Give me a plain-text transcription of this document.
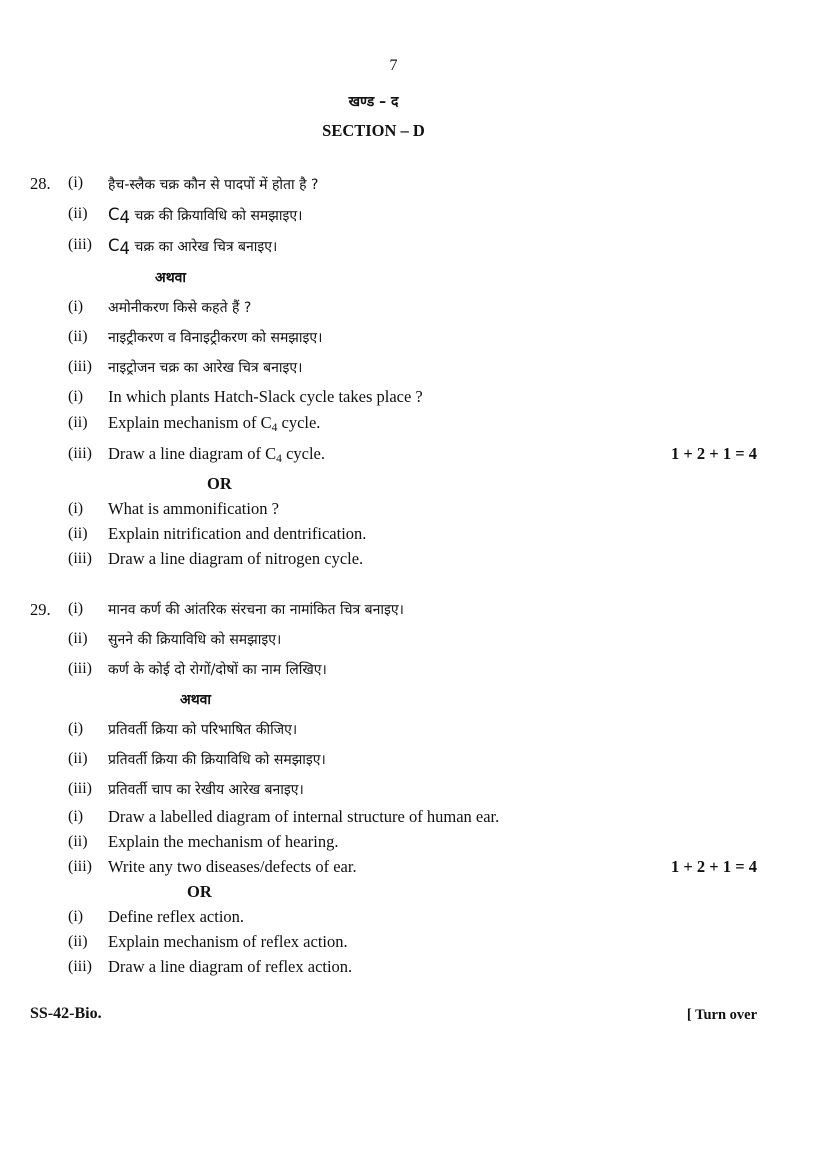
7
खण्ड – द
SECTION – D
28. (i) हैच-स्लैक चक्र कौन से पादपों में होता है ?
(ii) $C_4$ चक्र की क्रियाविधि को समझाइए।
(iii) $C_4$ चक्र का आरेख चित्र बनाइए।
अथवा
(i) अमोनीकरण किसे कहते हैं ?
(ii) नाइट्रीकरण व विनाइट्रीकरण को समझाइए।
(iii) नाइट्रोजन चक्र का आरेख चित्र बनाइए।
(i) In which plants Hatch-Slack cycle takes place ?
(ii) Explain mechanism of $C_4$ cycle.
(iii) Draw a line diagram of $C_4$ cycle.	1 + 2 + 1 = 4
OR
(i) What is ammonification ?
(ii) Explain nitrification and dentrification.
(iii) Draw a line diagram of nitrogen cycle.
29. (i) मानव कर्ण की आंतरिक संरचना का नामांकित चित्र बनाइए।
(ii) सुनने की क्रियाविधि को समझाइए।
(iii) कर्ण के कोई दो रोगों/दोषों का नाम लिखिए।
अथवा
(i) प्रतिवर्ती क्रिया को परिभाषित कीजिए।
(ii) प्रतिवर्ती क्रिया की क्रियाविधि को समझाइए।
(iii) प्रतिवर्ती चाप का रेखीय आरेख बनाइए।
(i) Draw a labelled diagram of internal structure of human ear.
(ii) Explain the mechanism of hearing.
(iii) Write any two diseases/defects of ear.	1 + 2 + 1 = 4
OR
(i) Define reflex action.
(ii) Explain mechanism of reflex action.
(iii) Draw a line diagram of reflex action.
SS-42-Bio.	[ Turn over
